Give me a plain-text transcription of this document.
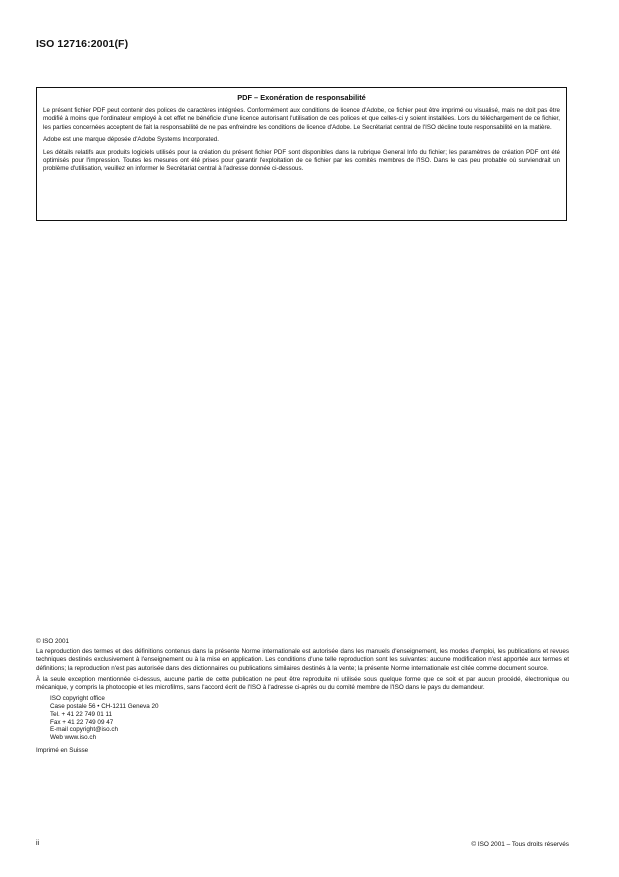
ISO 12716:2001(F)
PDF – Exonération de responsabilité

Le présent fichier PDF peut contenir des polices de caractères intégrées. Conformément aux conditions de licence d'Adobe, ce fichier peut être imprimé ou visualisé, mais ne doit pas être modifié à moins que l'ordinateur employé à cet effet ne bénéficie d'une licence autorisant l'utilisation de ces polices et que celles-ci y soient installées. Lors du téléchargement de ce fichier, les parties concernées acceptent de fait la responsabilité de ne pas enfreindre les conditions de licence d'Adobe. Le Secrétariat central de l'ISO décline toute responsabilité en la matière.

Adobe est une marque déposée d'Adobe Systems Incorporated.

Les détails relatifs aux produits logiciels utilisés pour la création du présent fichier PDF sont disponibles dans la rubrique General Info du fichier; les paramètres de création PDF ont été optimisés pour l'impression. Toutes les mesures ont été prises pour garantir l'exploitation de ce fichier par les comités membres de l'ISO. Dans le cas peu probable où surviendrait un problème d'utilisation, veuillez en informer le Secrétariat central à l'adresse donnée ci-dessous.

© ISO 2001

La reproduction des termes et des définitions contenus dans la présente Norme internationale est autorisée dans les manuels d'enseignement, les modes d'emploi, les publications et revues techniques destinés exclusivement à l'enseignement ou à la mise en application. Les conditions d'une telle reproduction sont les suivantes: aucune modification n'est apportée aux termes et définitions; la reproduction n'est pas autorisée dans des dictionnaires ou publications similaires destinés à la vente; la présente Norme internationale est citée comme document source.

À la seule exception mentionnée ci-dessus, aucune partie de cette publication ne peut être reproduite ni utilisée sous quelque forme que ce soit et par aucun procédé, électronique ou mécanique, y compris la photocopie et les microfilms, sans l'accord écrit de l'ISO à l'adresse ci-après ou du comité membre de l'ISO dans le pays du demandeur.

ISO copyright office
Case postale 56 • CH-1211 Geneva 20
Tel. + 41 22 749 01 11
Fax + 41 22 749 09 47
E-mail copyright@iso.ch
Web www.iso.ch

Imprimé en Suisse

ii	© ISO 2001 – Tous droits réservés
